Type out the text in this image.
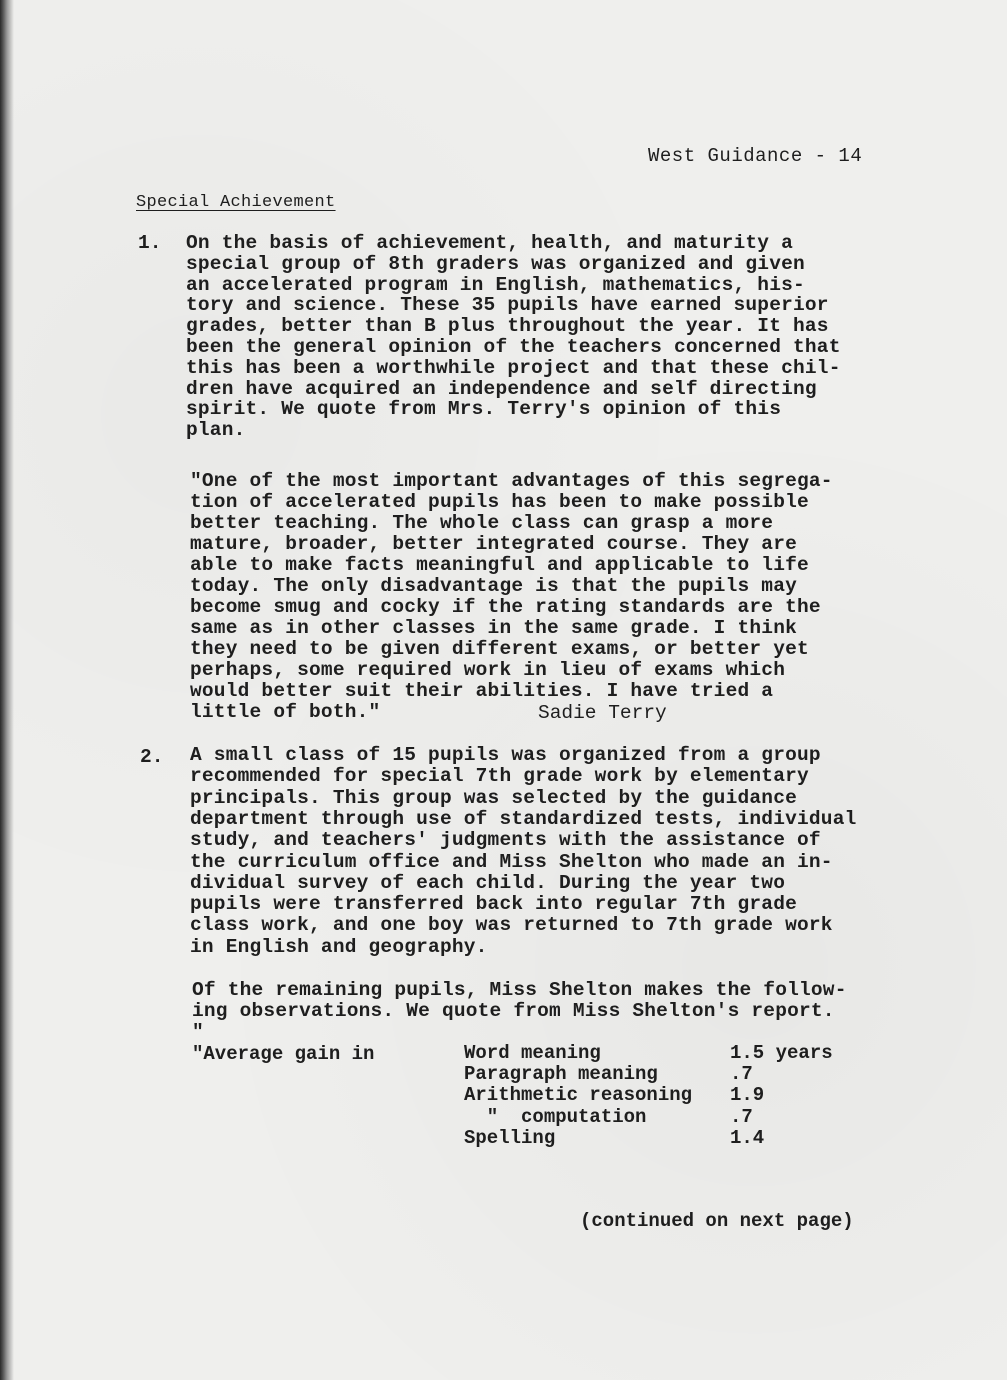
West Guidance - 14
Special Achievement
1. On the basis of achievement, health, and maturity a
special group of 8th graders was organized and given
an accelerated program in English, mathematics, his-
tory and science. These 35 pupils have earned superior
grades, better than B plus throughout the year. It has
been the general opinion of the teachers concerned that
this has been a worthwhile project and that these chil-
dren have acquired an independence and self directing
spirit. We quote from Mrs. Terry's opinion of this
plan.
"One of the most important advantages of this segrega-
tion of accelerated pupils has been to make possible
better teaching. The whole class can grasp a more
mature, broader, better integrated course. They are
able to make facts meaningful and applicable to life
today. The only disadvantage is that the pupils may
become smug and cocky if the rating standards are the
same as in other classes in the same grade. I think
they need to be given different exams, or better yet
perhaps, some required work in lieu of exams which
would better suit their abilities. I have tried a
little of both."	Sadie Terry
2. A small class of 15 pupils was organized from a group
recommended for special 7th grade work by elementary
principals. This group was selected by the guidance
department through use of standardized tests, individual
study, and teachers' judgments with the assistance of
the curriculum office and Miss Shelton who made an in-
dividual survey of each child. During the year two
pupils were transferred back into regular 7th grade
class work, and one boy was returned to 7th grade work
in English and geography.
Of the remaining pupils, Miss Shelton makes the follow-
ing observations. We quote from Miss Shelton's report.
"
"Average gain in	Word meaning	1.5 years
Paragraph meaning	.7
Arithmetic reasoning 1.9
"  computation	.7
Spelling	1.4
(continued on next page)
